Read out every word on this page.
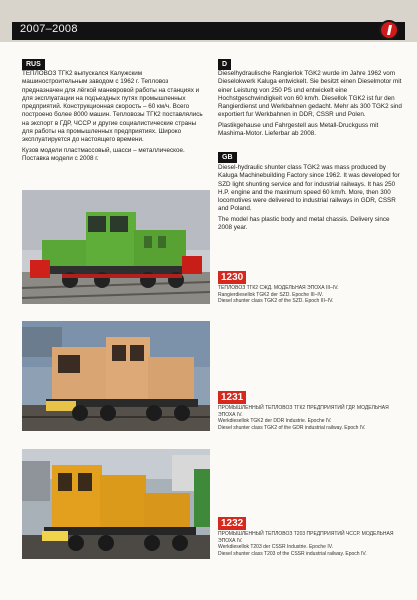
2007–2008
RUS
ТЕПЛОВОЗ ТГК2 выпускался Калужским машиностроительным заводом с 1962 г. Тепловоз предназначен для лёгкой маневровой работы на станциях и для эксплуатации на подъездных путях промышленных предприятий. Конструкционная скорость – 60 км/ч. Всего построено более 8000 машин. Тепловозы ТГК2 поставлялись на экспорт в ГДР, ЧССР и другие социалистические страны для работы на промышленных предприятиях. Широко эксплуатируется до настоящего времени.
Кузов модели пластмассовый, шасси – металлическое. Поставка модели с 2008 г.
D
Dieselhydraulische Rangierlok TGK2 wurde im Jahre 1962 vom Dieselokwerk Kaluga entwickelt. Sie besitzt einen Dieselmotor mit einer Leistung von 250 PS und entwickelt eine Hochstgeschwindigkeit von 60 km/h. Diesellok TGK2 ist fur den Rangierdienst und Werkbahnen gedacht. Mehr als 300 TGK2 sind exportiert fur Werkbahnen in DDR, CSSR und Polen.
Plastikgehause und Fahrgestell aus Metall-Druckguss mit Mashima-Motor. Lieferbar ab 2008.
GB
Diesel-hydraulic shunter class TGK2 was mass produced by Kaluga Machinebuilding Factory since 1962. It was developed for SZD light shunting service and for industrial railways. It has 250 H.P. engine and the maximum speed 60 km/h. More, then 300 locomotives were delivered to industrial railways in GDR, CSSR and Poland.
The model has plastic body and metal chassis. Delivery since 2008 year.
1230
ТЕПЛОВОЗ ТГК2 СЖД. МОДЕЛЬНАЯ ЭПОХА III–IV.
Rangierdiesellok TGK2 der SZD. Epoche III–IV.
Diesel shunter class TGK2 of the SZD. Epoch III–IV.
1231
ПРОМЫШЛЕННЫЙ ТЕПЛОВОЗ ТГК2 ПРЕДПРИЯТИЙ ГДР. МОДЕЛЬНАЯ ЭПОХА IV.
Werkdiesellok TGK2 der DDR Industrie. Epoche IV.
Diesel shunter class TGK2 of the GDR industrial railway. Epoch IV.
1232
ПРОМЫШЛЕННЫЙ ТЕПЛОВОЗ T203 ПРЕДПРИЯТИЙ ЧССР. МОДЕЛЬНАЯ ЭПОХА IV.
Werkdiesellok T203 der CSSR Industrie. Epoche IV.
Diesel shunter class T203 of the CSSR industrial railway. Epoch IV.
